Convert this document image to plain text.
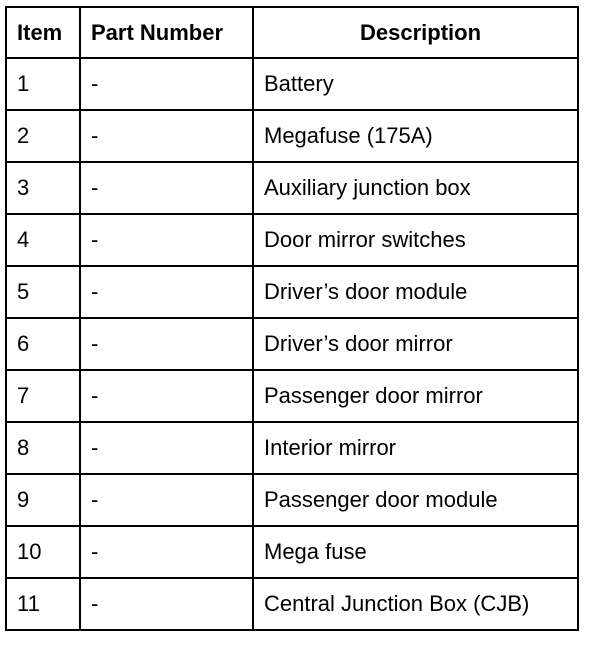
Item	Part Number	Description
1	-	Battery
2	-	Megafuse (175A)
3	-	Auxiliary junction box
4	-	Door mirror switches
5	-	Driver’s door module
6	-	Driver’s door mirror
7	-	Passenger door mirror
8	-	Interior mirror
9	-	Passenger door module
10	-	Mega fuse
11	-	Central Junction Box (CJB)
